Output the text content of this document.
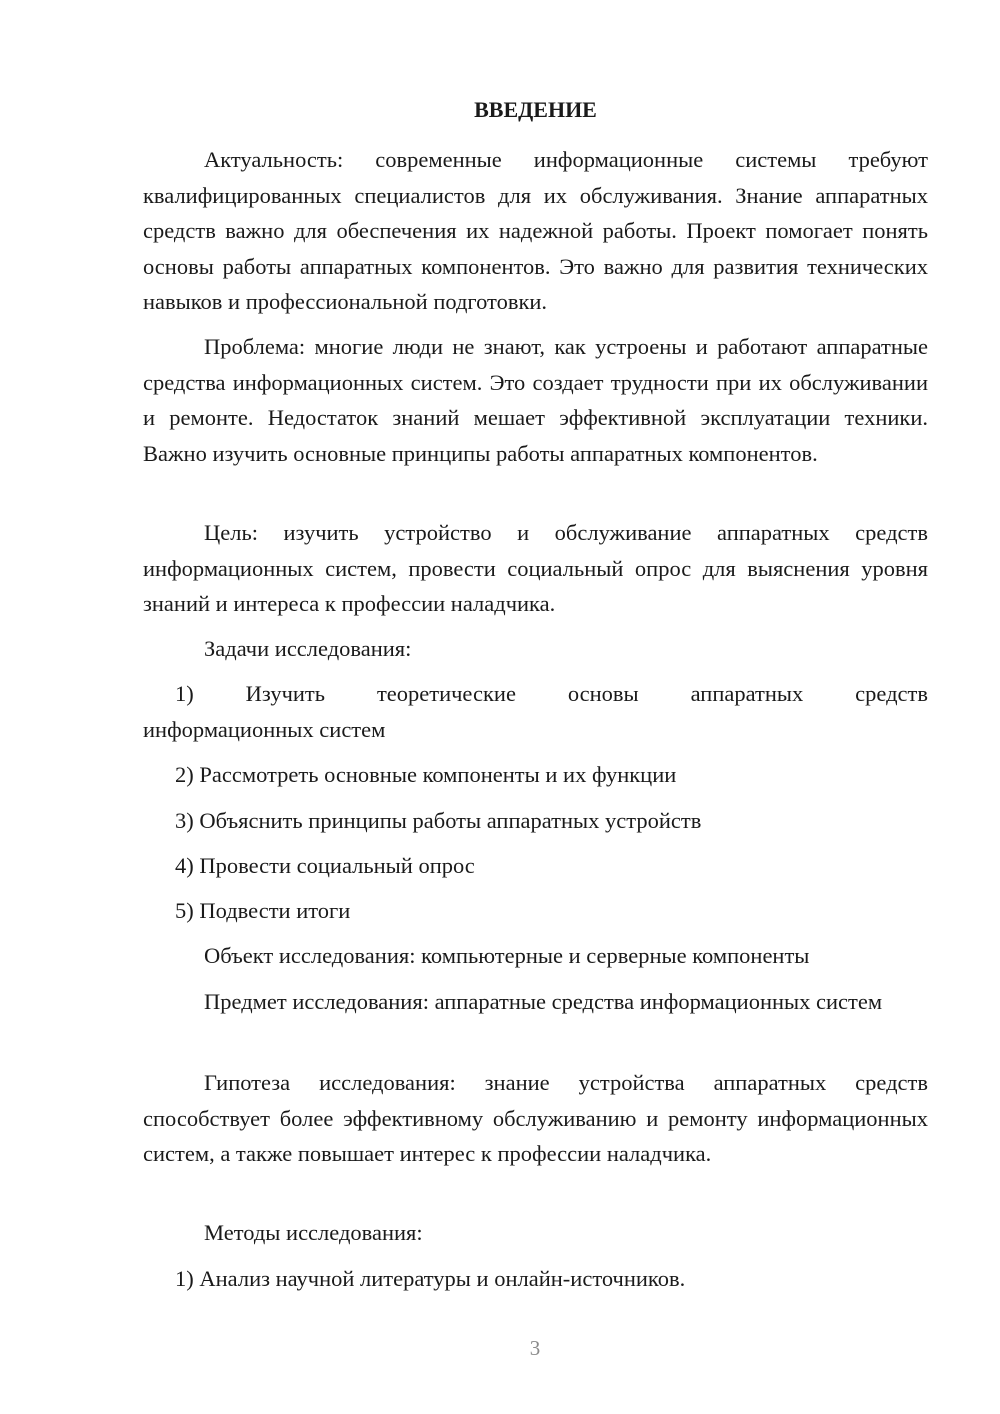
ВВЕДЕНИЕ

Актуальность: современные информационные системы требуют квалифицированных специалистов для их обслуживания. Знание аппаратных средств важно для обеспечения их надежной работы. Проект помогает понять основы работы аппаратных компонентов. Это важно для развития технических навыков и профессиональной подготовки.

Проблема: многие люди не знают, как устроены и работают аппаратные средства информационных систем. Это создает трудности при их обслуживании и ремонте. Недостаток знаний мешает эффективной эксплуатации техники. Важно изучить основные принципы работы аппаратных компонентов.

Цель: изучить устройство и обслуживание аппаратных средств информационных систем, провести социальный опрос для выяснения уровня знаний и интереса к профессии наладчика.

Задачи исследования:

1) Изучить теоретические основы аппаратных средств
информационных систем

2) Рассмотреть основные компоненты и их функции

3) Объяснить принципы работы аппаратных устройств

4) Провести социальный опрос

5) Подвести итоги

Объект исследования: компьютерные и серверные компоненты

Предмет исследования: аппаратные средства информационных систем

Гипотеза исследования: знание устройства аппаратных средств способствует более эффективному обслуживанию и ремонту информационных систем, а также повышает интерес к профессии наладчика.

Методы исследования:

1) Анализ научной литературы и онлайн-источников.

3
